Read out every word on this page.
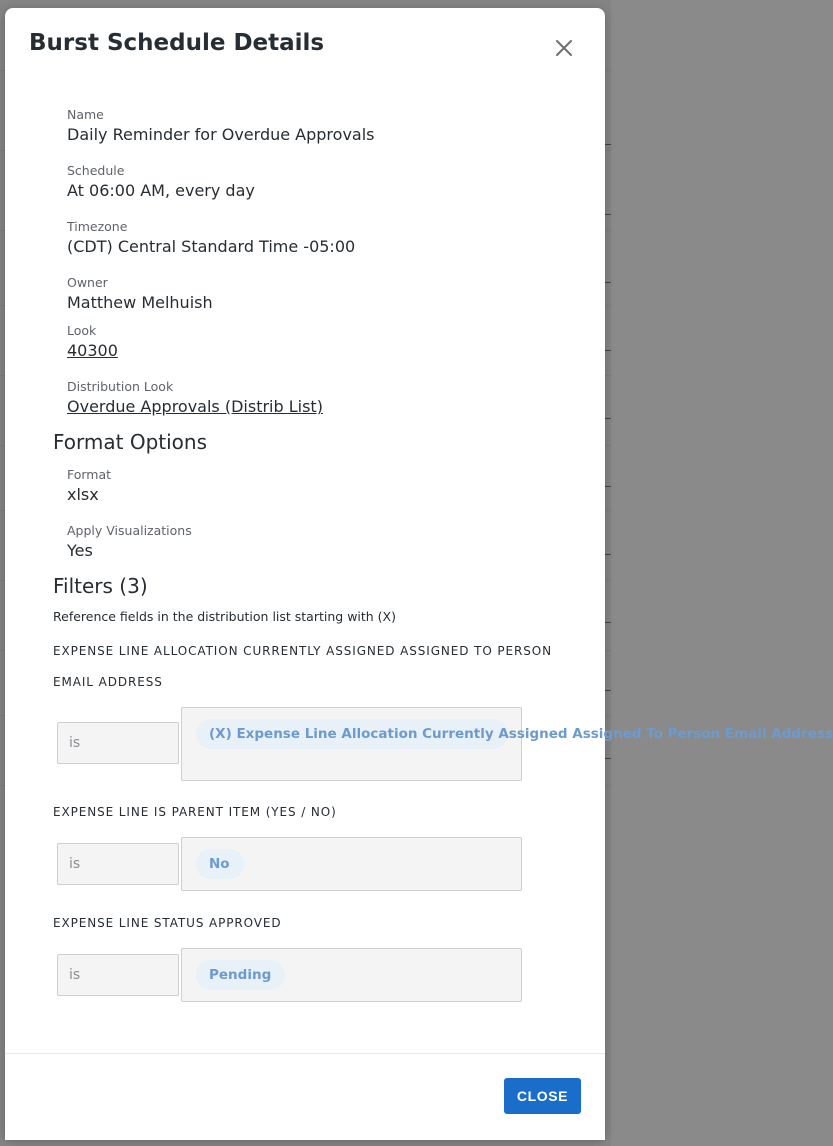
Burst Schedule Details
Name
Daily Reminder for Overdue Approvals
Schedule
At 06:00 AM, every day
Timezone
(CDT) Central Standard Time -05:00
Owner
Matthew Melhuish
Look
40300
Distribution Look
Overdue Approvals (Distrib List)
Format Options
Format
xlsx
Apply Visualizations
Yes
Filters (3)
Reference fields in the distribution list starting with (X)
EXPENSE LINE ALLOCATION CURRENTLY ASSIGNED ASSIGNED TO PERSON
EMAIL ADDRESS
is
(X) Expense Line Allocation Currently Assigned Assigned To Person Email Address
EXPENSE LINE IS PARENT ITEM (YES / NO)
is	No
EXPENSE LINE STATUS APPROVED
is	Pending
CLOSE
